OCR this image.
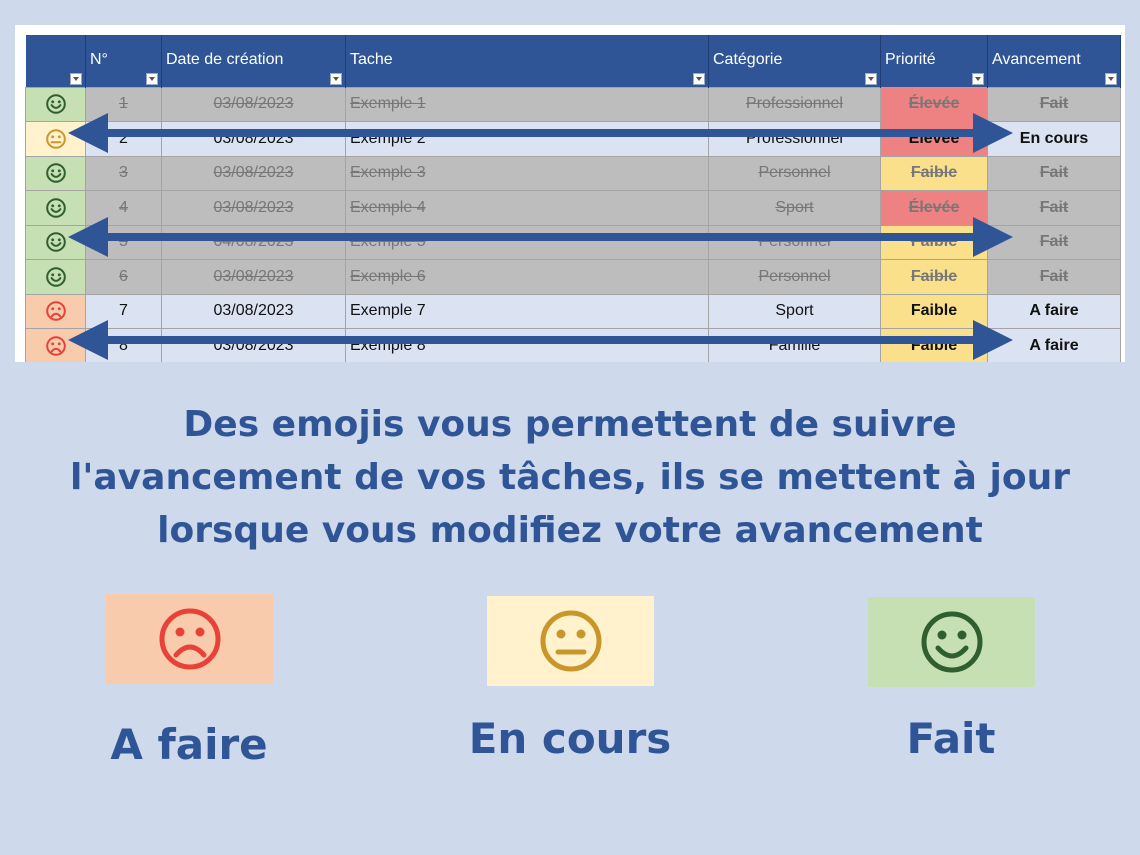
	N°	Date de création	Tache	Catégorie	Priorité	Avancement

	1	03/08/2023	Exemple 1	Professionnel	Élevée	Fait

	2	03/08/2023	Exemple 2	Professionnel	Élevée	En cours

	3	03/08/2023	Exemple 3	Personnel	Faible	Fait

	4	03/08/2023	Exemple 4	Sport	Élevée	Fait

	5	04/08/2023	Exemple 5	Personnel	Faible	Fait

	6	03/08/2023	Exemple 6	Personnel	Faible	Fait

	7	03/08/2023	Exemple 7	Sport	Faible	A faire

	8	03/08/2023	Exemple 8	Famille	Faible	A faire
Des emojis vous permettent de suivre
l'avancement de vos tâches, ils se mettent à jour
lorsque vous modifiez votre avancement
A faire	En cours	Fait
